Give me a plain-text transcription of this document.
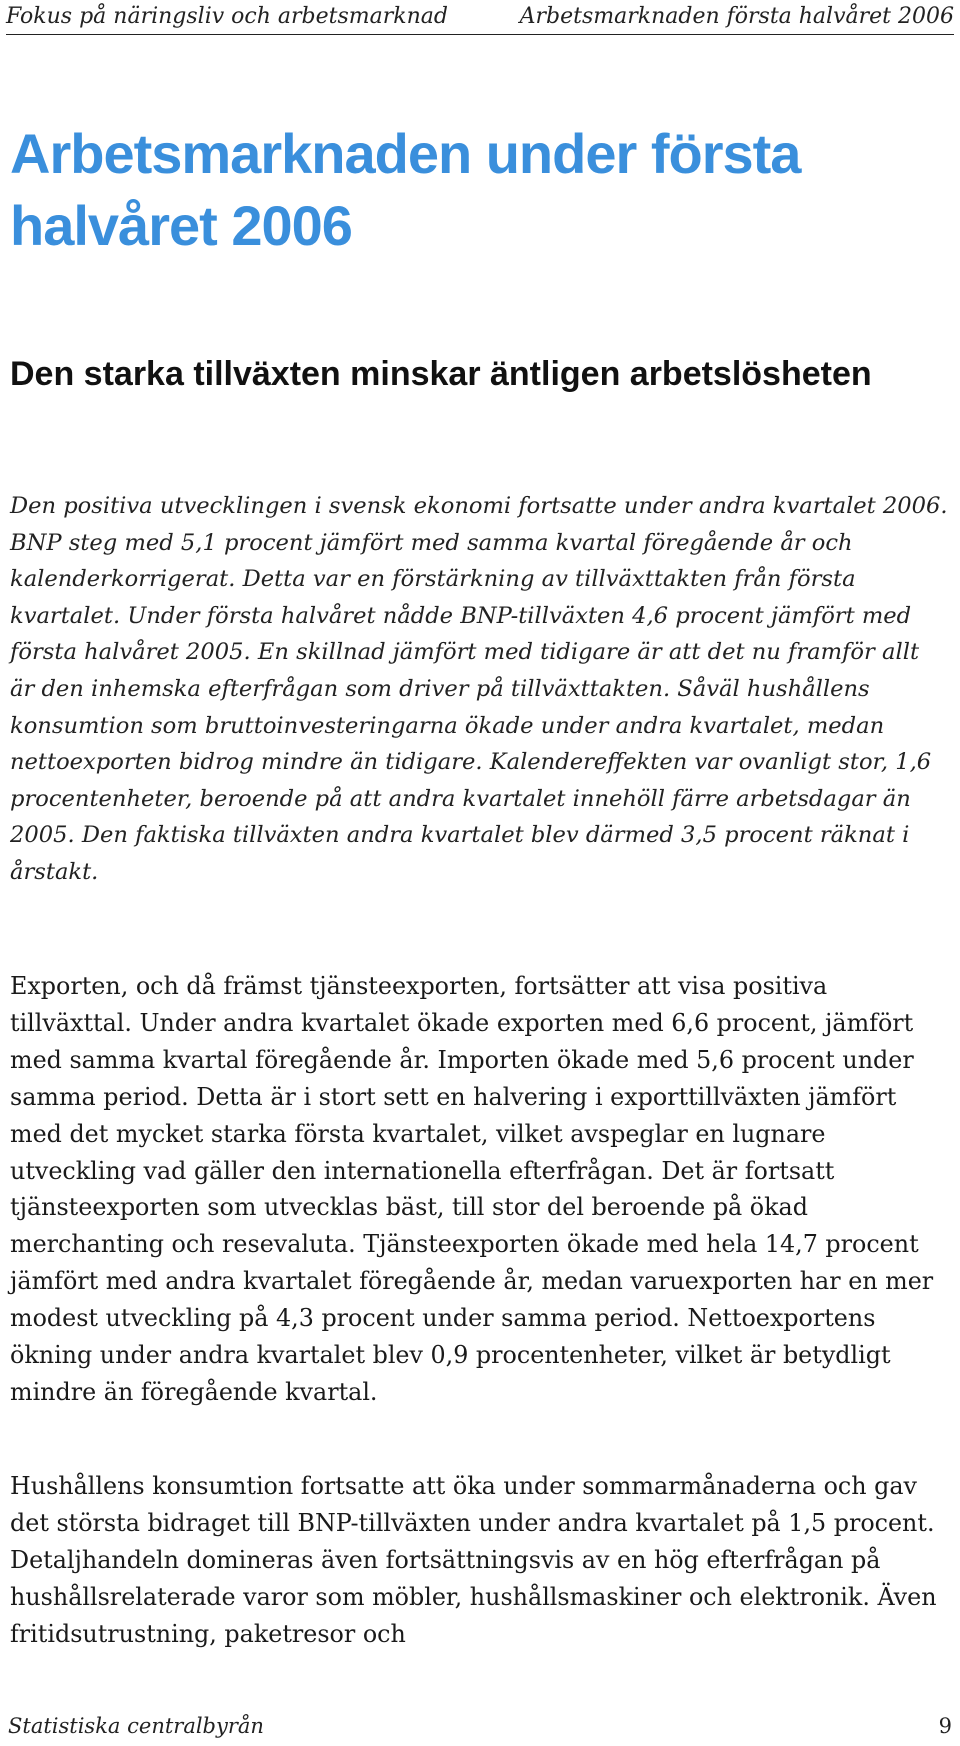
Fokus på näringsliv och arbetsmarknad	Arbetsmarknaden första halvåret 2006
Arbetsmarknaden under första halvåret 2006
Den starka tillväxten minskar äntligen arbetslösheten

Den positiva utvecklingen i svensk ekonomi fortsatte under andra kvartalet 2006. BNP steg med 5,1 procent jämfört med samma kvartal föregående år och kalenderkorrigerat. Detta var en förstärkning av tillväxttakten från första kvartalet. Under första halvåret nådde BNP-tillväxten 4,6 procent jämfört med första halvåret 2005. En skillnad jämfört med tidigare är att det nu framför allt är den inhemska efterfrågan som driver på tillväxttakten. Såväl hushållens konsumtion som bruttoinvesteringarna ökade under andra kvartalet, medan nettoexporten bidrog mindre än tidigare. Kalendereffekten var ovanligt stor, 1,6 procentenheter, beroende på att andra kvartalet innehöll färre arbetsdagar än 2005. Den faktiska tillväxten andra kvartalet blev därmed 3,5 procent räknat i årstakt.

Exporten, och då främst tjänsteexporten, fortsätter att visa positiva tillväxttal. Under andra kvartalet ökade exporten med 6,6 procent, jämfört med samma kvartal föregående år. Importen ökade med 5,6 procent under samma period. Detta är i stort sett en halvering i exporttillväxten jämfört med det mycket starka första kvartalet, vilket avspeglar en lugnare utveckling vad gäller den internationella efterfrågan. Det är fortsatt tjänsteexporten som utvecklas bäst, till stor del beroende på ökad merchanting och resevaluta. Tjänsteexporten ökade med hela 14,7 procent jämfört med andra kvartalet föregående år, medan varuexporten har en mer modest utveckling på 4,3 procent under samma period. Nettoexportens ökning under andra kvartalet blev 0,9 procentenheter, vilket är betydligt mindre än föregående kvartal.

Hushållens konsumtion fortsatte att öka under sommarmånaderna och gav det största bidraget till BNP-tillväxten under andra kvartalet på 1,5 procent. Detaljhandeln domineras även fortsättningsvis av en hög efterfrågan på hushållsrelaterade varor som möbler, hushållsmaskiner och elektronik. Även fritidsutrustning, paketresor och

Statistiska centralbyrån	9
